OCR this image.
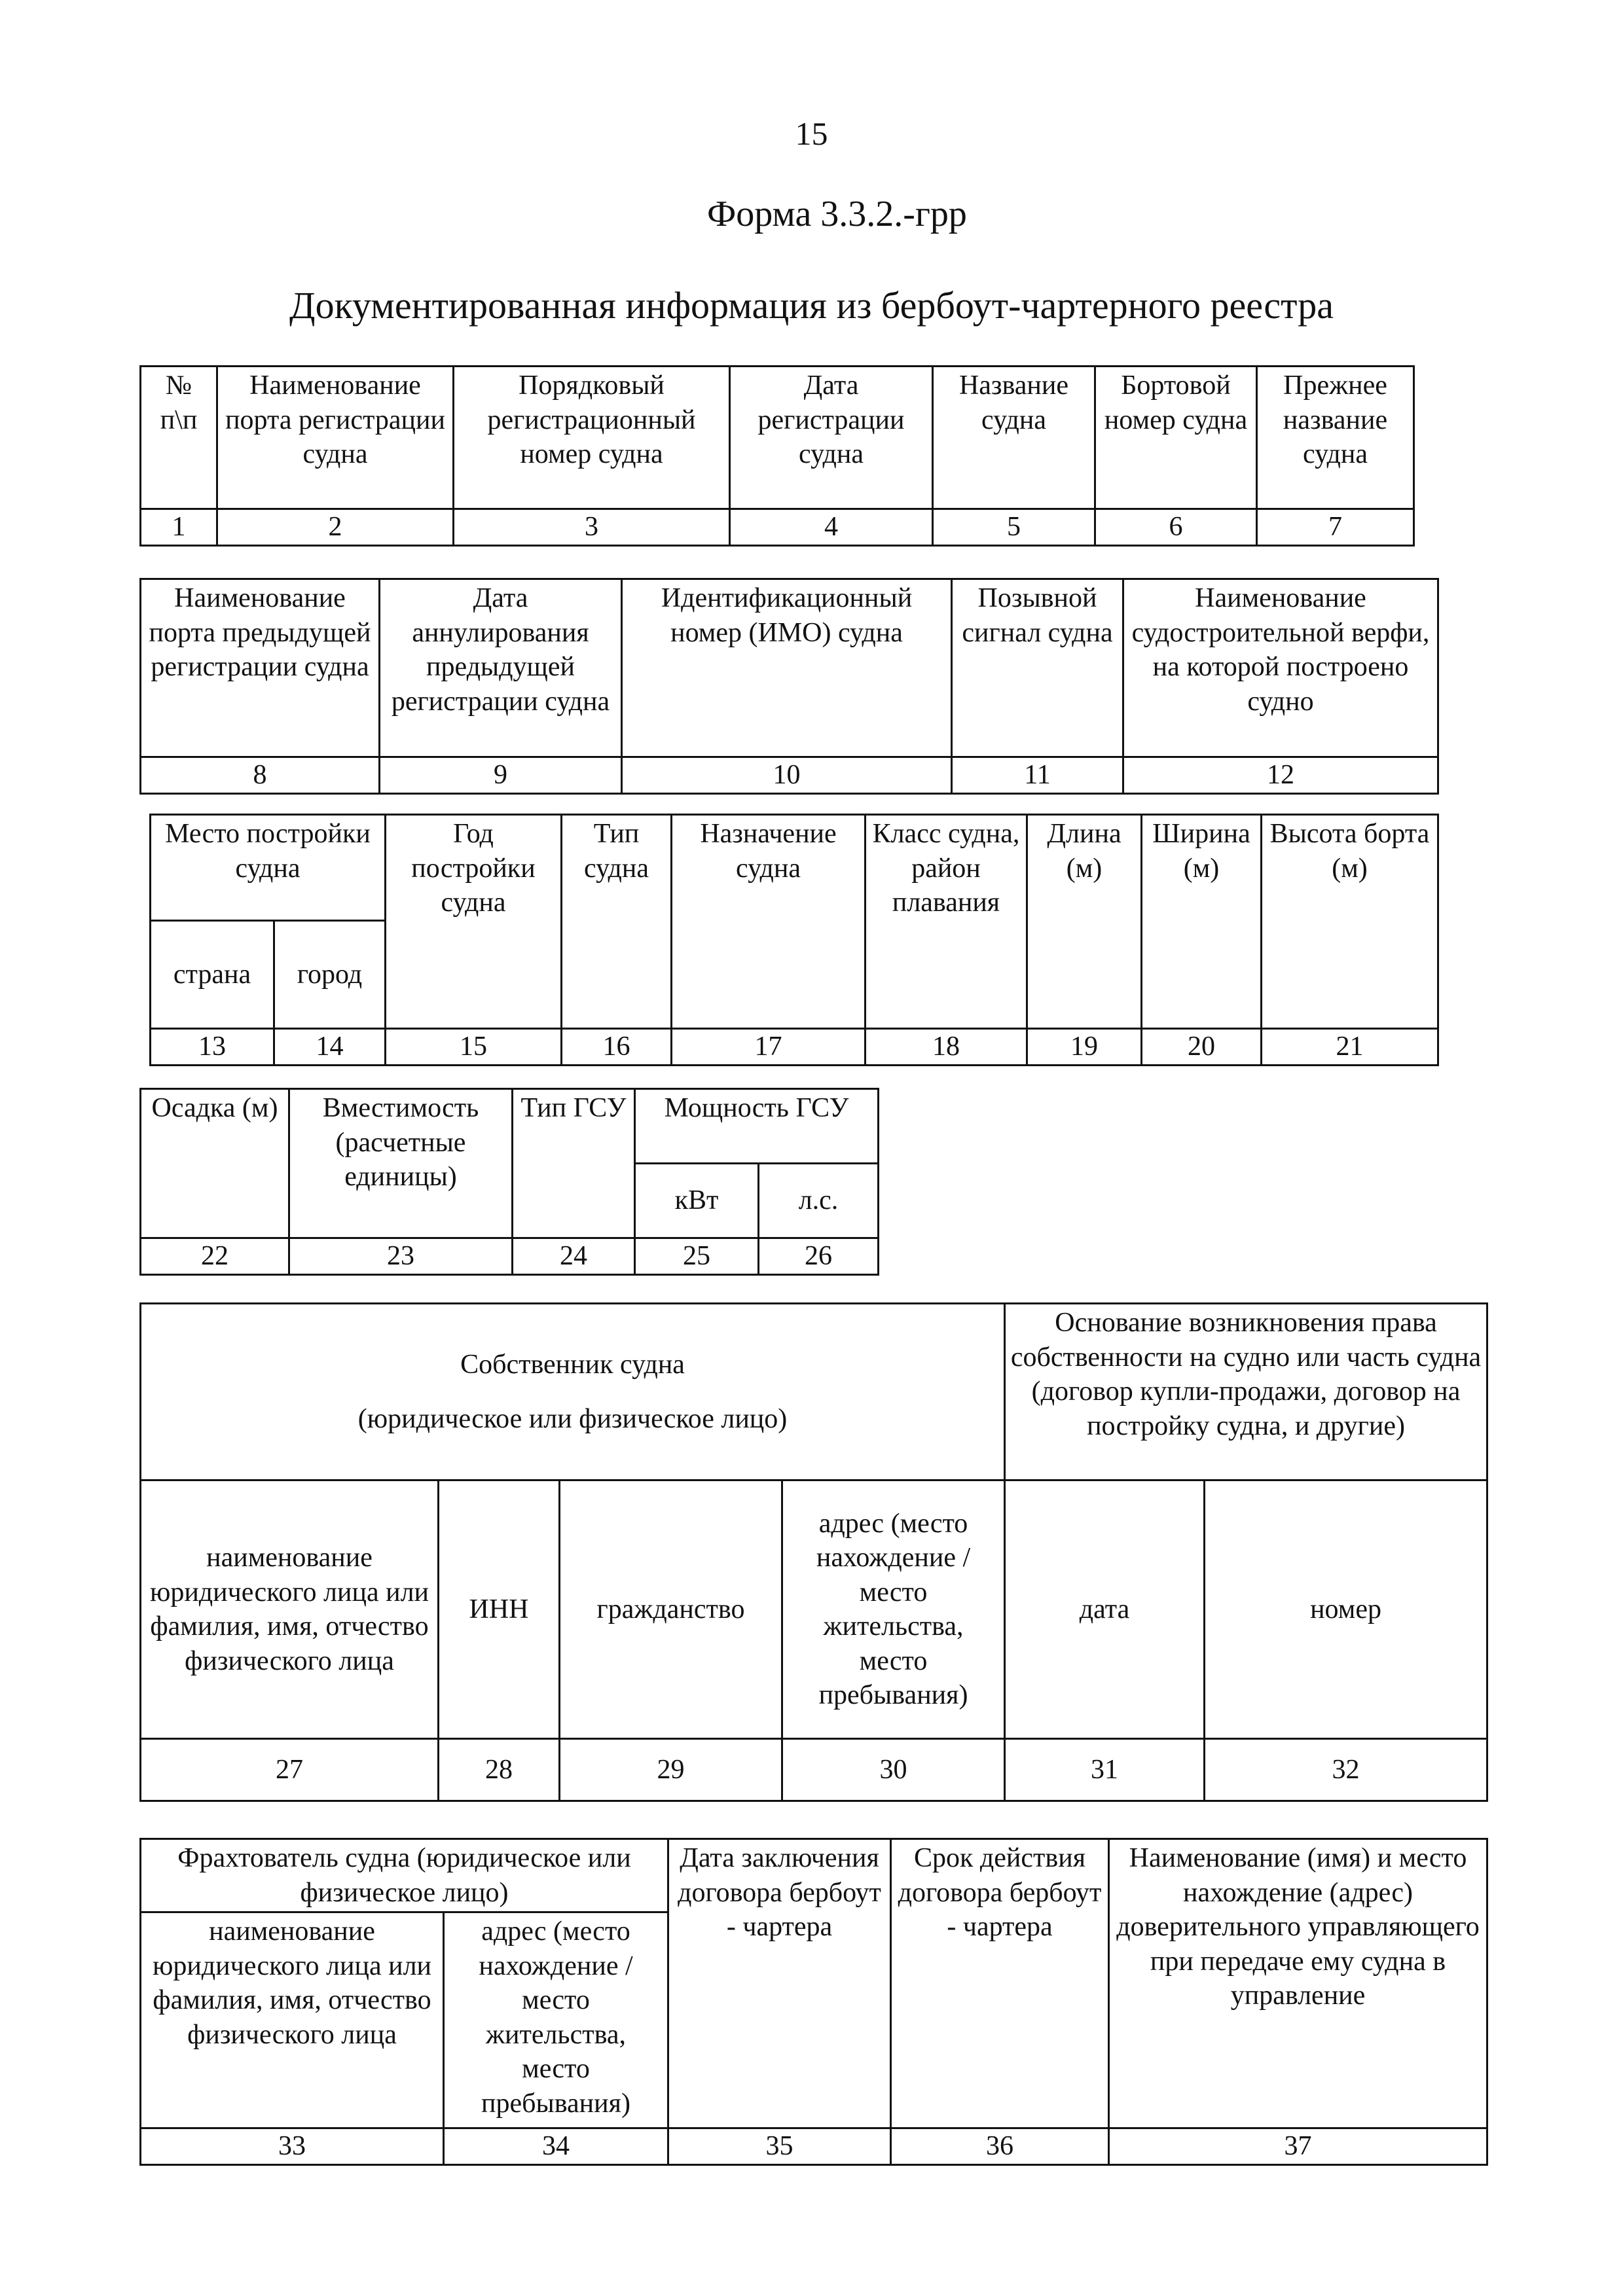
15
Форма 3.3.2.-грр
Документированная информация из бербоут-чартерного реестра
№ п\п	Наименование порта регистрации судна	Порядковый регистрационный номер судна	Дата регистрации судна	Название судна	Бортовой номер судна	Прежнее название судна
1	2	3	4	5	6	7
Наименование порта предыдущей регистрации судна	Дата аннулирования предыдущей регистрации судна	Идентификационный номер (ИМО) судна	Позывной сигнал судна	Наименование судостроительной верфи, на которой построено судно
8	9	10	11	12
Место постройки судна		Год постройки судна	Тип судна	Назначение судна	Класс судна, район плавания	Длина (м)	Ширина (м)	Высота борта (м)
страна	город							
13	14	15	16	17	18	19	20	21
Осадка (м)	Вместимость (расчетные единицы)	Тип ГСУ	Мощность ГСУ	
			кВт	л.с.
22	23	24	25	26
Собственник судна
(юридическое или физическое лицо)				Основание возникновения права собственности на судно или часть судна (договор купли-продажи, договор на постройку судна, и другие)	
наименование юридического лица или фамилия, имя, отчество физического лица	ИНН	гражданство	адрес (место нахождение / место жительства, место пребывания)	дата	номер
27	28	29	30	31	32
Фрахтователь судна (юридическое или физическое лицо)		Дата заключения договора бербоут - чартера	Срок действия договора бербоут - чартера	Наименование (имя) и место нахождение (адрес) доверительного управляющего при передаче ему судна в управление
наименование юридического лица или фамилия, имя, отчество физического лица	адрес (место нахождение / место жительства, место пребывания)			
33	34	35	36	37
